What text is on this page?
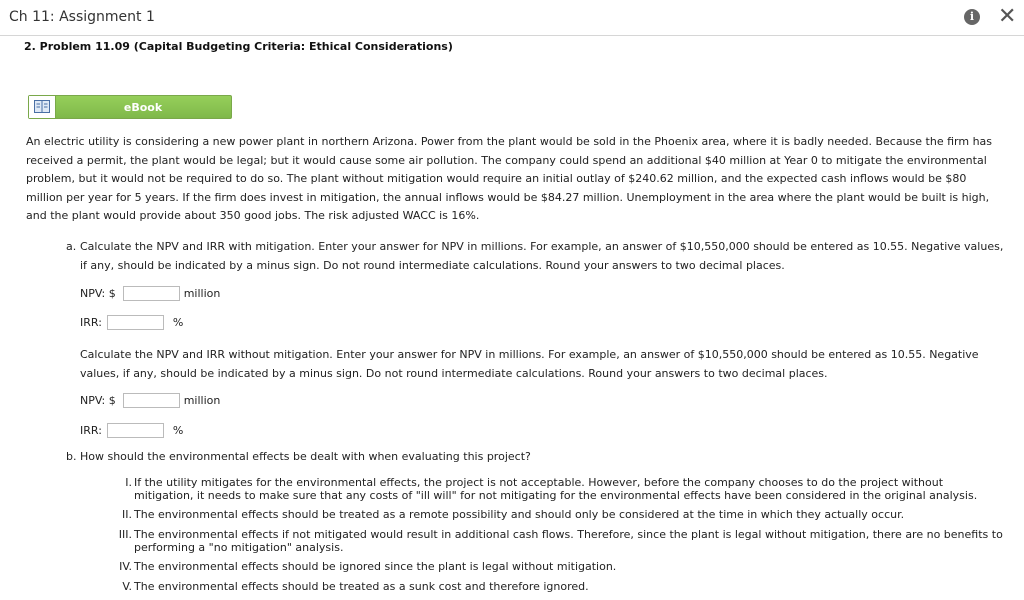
Ch 11: Assignment 1	i ✕
2. Problem 11.09 (Capital Budgeting Criteria: Ethical Considerations)
eBook
An electric utility is considering a new power plant in northern Arizona. Power from the plant would be sold in the Phoenix area, where it is badly needed. Because the firm has received a permit, the plant would be legal; but it would cause some air pollution. The company could spend an additional $40 million at Year 0 to mitigate the environmental problem, but it would not be required to do so. The plant without mitigation would require an initial outlay of $240.62 million, and the expected cash inflows would be $80 million per year for 5 years. If the firm does invest in mitigation, the annual inflows would be $84.27 million. Unemployment in the area where the plant would be built is high, and the plant would provide about 350 good jobs. The risk adjusted WACC is 16%.
a. Calculate the NPV and IRR with mitigation. Enter your answer for NPV in millions. For example, an answer of $10,550,000 should be entered as 10.55. Negative values, if any, should be indicated by a minus sign. Do not round intermediate calculations. Round your answers to two decimal places.
NPV: $	million
IRR:	%
Calculate the NPV and IRR without mitigation. Enter your answer for NPV in millions. For example, an answer of $10,550,000 should be entered as 10.55. Negative values, if any, should be indicated by a minus sign. Do not round intermediate calculations. Round your answers to two decimal places.
NPV: $	million
IRR:	%
b. How should the environmental effects be dealt with when evaluating this project?
I. If the utility mitigates for the environmental effects, the project is not acceptable. However, before the company chooses to do the project without mitigation, it needs to make sure that any costs of "ill will" for not mitigating for the environmental effects have been considered in the original analysis.
II. The environmental effects should be treated as a remote possibility and should only be considered at the time in which they actually occur.
III. The environmental effects if not mitigated would result in additional cash flows. Therefore, since the plant is legal without mitigation, there are no benefits to performing a "no mitigation" analysis.
IV. The environmental effects should be ignored since the plant is legal without mitigation.
V. The environmental effects should be treated as a sunk cost and therefore ignored.
